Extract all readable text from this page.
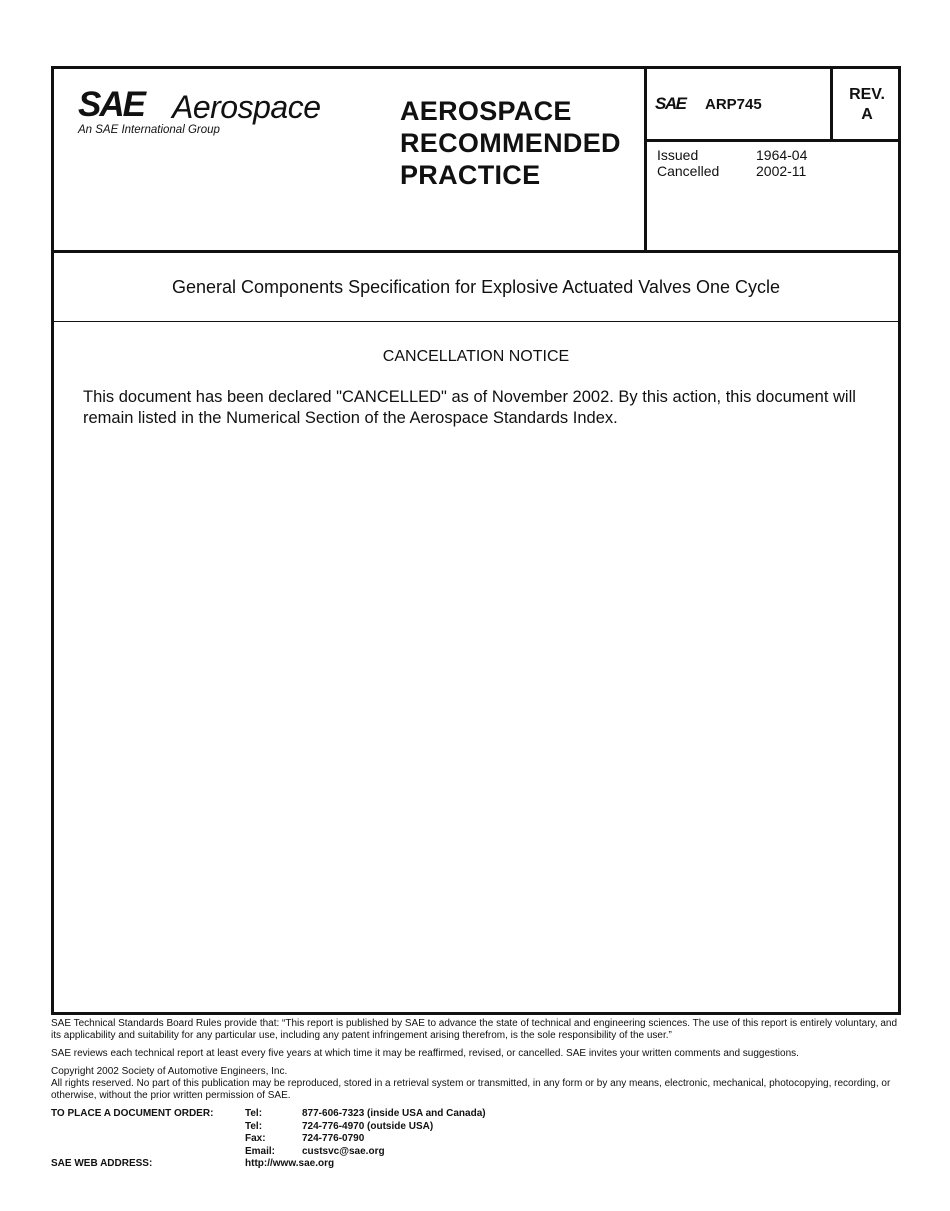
SAE Aerospace
An SAE International Group
AEROSPACE
RECOMMENDED
PRACTICE
SAE ARP745
REV.
A
Issued	1964-04
Cancelled	2002-11
General Components Specification for Explosive Actuated Valves One Cycle
CANCELLATION NOTICE
This document has been declared "CANCELLED" as of November 2002. By this action, this document will remain listed in the Numerical Section of the Aerospace Standards Index.

SAE Technical Standards Board Rules provide that: “This report is published by SAE to advance the state of technical and engineering sciences. The use of this report is entirely voluntary, and its applicability and suitability for any particular use, including any patent infringement arising therefrom, is the sole responsibility of the user.”

SAE reviews each technical report at least every five years at which time it may be reaffirmed, revised, or cancelled. SAE invites your written comments and suggestions.

Copyright 2002 Society of Automotive Engineers, Inc.

All rights reserved. No part of this publication may be reproduced, stored in a retrieval system or transmitted, in any form or by any means, electronic, mechanical, photocopying, recording, or otherwise, without the prior written permission of SAE.

TO PLACE A DOCUMENT ORDER:	Tel:	877-606-7323 (inside USA and Canada)
Tel:	724-776-4970 (outside USA)
Fax:	724-776-0790
Email:	custsvc@sae.org
SAE WEB ADDRESS:	http://www.sae.org
